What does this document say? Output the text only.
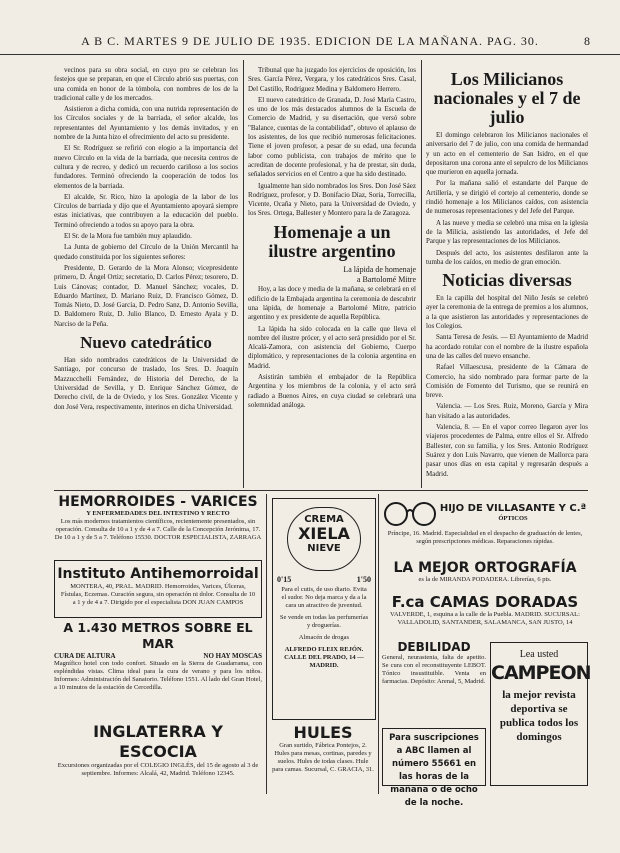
A B C. MARTES 9 DE JULIO DE 1935. EDICION DE LA MAÑANA. PAG. 30.	8

vecinos para su obra social, en cuyo pro se celebran los festejos que se preparan, en que el Círculo abrió sus puertas, con una comida en honor de la tómbola, con nombres de los de la tradicional calle y de los mercados.

Asistieron a dicha comida, con una nutrida representación de los Círculos sociales y de la barriada, el señor alcalde, los representantes del Ayuntamiento y los demás invitados, y en nombre de la Junta hizo el ofrecimiento del acto su presidente.

El Sr. Rodríguez se refirió con elogio a la importancia del nuevo Círculo en la vida de la barriada, que necesita centros de cultura y de recreo, y dedicó un recuerdo cariñoso a los socios fundadores. Terminó ofreciendo la cooperación de todos los elementos de la barriada.

El alcalde, Sr. Rico, hizo la apología de la labor de los Círculos de barriada y dijo que el Ayuntamiento apoyará siempre estas iniciativas, que contribuyen a la educación del pueblo. Terminó ofreciendo a todos su apoyo para la obra.

El Sr. de la Mora fue también muy aplaudido.

La Junta de gobierno del Círculo de la Unión Mercantil ha quedado constituida por los siguientes señores:

Presidente, D. Gerardo de la Mora Alonso; vicepresidente primero, D. Ángel Ortiz; secretario, D. Carlos Pérez; tesorero, D. Luis Cánovas; contador, D. Manuel Sánchez; vocales, D. Eduardo Martínez, D. Mariano Ruiz, D. Francisco Gómez, D. Tomás Nieto, D. José García, D. Pedro Sanz, D. Antonio Sevilla, D. Baldomero Ruiz, D. Julio Blanco, D. Ernesto Ayala y D. Narciso de la Peña.

Nuevo catedrático

Han sido nombrados catedráticos de la Universidad de Santiago, por concurso de traslado, los Sres. D. Joaquín Mazzucchelli Fernández, de Historia del Derecho, de la Universidad de Sevilla, y D. Enrique Sánchez Gómez, de Derecho civil, de la de Oviedo, y los Sres. González Vicente y don José Vera, respectivamente, interinos en dicha Universidad.

Tribunal que ha juzgado los ejercicios de oposición, los Sres. García Pérez, Vergara, y los catedráticos Sres. Casal, Del Castillo, Rodríguez Medina y Baldomero Herrero.

El nuevo catedrático de Granada, D. José María Castro, es uno de los más destacados alumnos de la Escuela de Comercio de Madrid, y su disertación, que versó sobre "Balance, cuentas de la contabilidad", obtuvo el aplauso de los asistentes, de los que recibió numerosas felicitaciones. Tiene el joven profesor, a pesar de su edad, una fecunda labor como publicista, con trabajos de mérito que le acreditan de docente profesional, y ha de prestar, sin duda, señalados servicios en el Centro a que ha sido destinado.

Igualmente han sido nombrados los Sres. Don José Sáez Rodríguez, profesor, y D. Bonifacio Díaz, Soria, Torrecilla, Vicente, Ocaña y Nieto, para la Universidad de Oviedo, y los Sres. Ortega, Ballester y Montero para la de Zaragoza.

Homenaje a un ilustre argentino
La lápida de homenaje
a Bartolomé Mitre

Hoy, a las doce y media de la mañana, se celebrará en el edificio de la Embajada argentina la ceremonia de descubrir una lápida, de homenaje a Bartolomé Mitre, patricio argentino y ex presidente de aquella República.

La lápida ha sido colocada en la calle que lleva el nombre del ilustre prócer, y el acto será presidido por el Sr. Alcalá-Zamora, con asistencia del Gobierno, Cuerpo diplomático, y representaciones de la colonia argentina en Madrid.

Asistirán también el embajador de la República Argentina y los miembros de la colonia, y el acto será radiado a Buenos Aires, en cuya ciudad se celebrará una solemnidad análoga.

Los Milicianos nacionales y el 7 de julio

El domingo celebraron los Milicianos nacionales el aniversario del 7 de julio, con una comida de hermandad y un acto en el cementerio de San Isidro, en el que depositaron una corona ante el sepulcro de los Milicianos que murieron en aquella jornada.

Por la mañana salió el estandarte del Parque de Artillería, y se dirigió el cortejo al cementerio, donde se rindió homenaje a los Milicianos caídos, con asistencia de numerosas representaciones y del Jefe del Parque.

A las nueve y media se celebró una misa en la iglesia de la Milicia, asistiendo las autoridades, el Jefe del Parque y las representaciones de los Milicianos.

Después del acto, los asistentes desfilaron ante la tumba de los caídos, en medio de gran emoción.

Noticias diversas

En la capilla del hospital del Niño Jesús se celebró ayer la ceremonia de la entrega de premios a los alumnos, a la que asistieron las autoridades y representaciones de los Colegios.

Santa Teresa de Jesús. — El Ayuntamiento de Madrid ha acordado rotular con el nombre de la ilustre española una de las calles del nuevo ensanche.

Rafael Villaescusa, presidente de la Cámara de Comercio, ha sido nombrado para formar parte de la Comisión de Fomento del Turismo, que se reunirá en breve.

Valencia. — Los Sres. Ruiz, Moreno, García y Mira han visitado a las autoridades.

Valencia, 8. — En el vapor correo llegaron ayer los viajeros procedentes de Palma, entre ellos el Sr. Alfredo Ballester, con su familia, y los Sres. Antonio Rodríguez Suárez y don Luis Navarro, que vienen de Mallorca para pasar unos días en esta capital y regresarán después a Madrid.

HEMORROIDES - VARICES
Y ENFERMEDADES DEL INTESTINO Y RECTO
Los más modernos tratamientos científicos, recientemente presentados, sin operación. Consulta de 10 a 1 y de 4 a 7. Calle de la Concepción Jerónima, 17. De 10 a 1 y de 5 a 7. Teléfono 15530. DOCTOR ESPECIALISTA, ZARRAGA
Instituto Antihemorroidal
MONTERA, 40, PRAL. MADRID. Hemorroides, Varices, Úlceras, Fístulas, Eczemas. Curación segura, sin operación ni dolor. Consulta de 10 a 1 y de 4 a 7. Dirigido por el especialista DON JUAN CAMPOS
A 1.430 METROS SOBRE EL MAR
CURA DE ALTURA	NO HAY MOSCAS
Magnífico hotel con todo confort. Situado en la Sierra de Guadarrama, con espléndidas vistas. Clima ideal para la cura de verano y para los niños. Informes: Administración del Sanatorio. Teléfono 1551. Al lado del Gran Hotel, a 10 minutos de la estación de Cercedilla.
INGLATERRA Y ESCOCIA
Excursiones organizadas por el COLEGIO INGLÉS, del 15 de agosto al 3 de septiembre. Informes: Alcalá, 42, Madrid. Teléfono 12345.
CREMA
XIELA
NIEVE
0'15	1'50
Para el cutis, de uso diario. Evita el sudor. No deja marca y da a la cara un atractivo de juventud.
Se vende en todas las perfumerías y droguerías.
Almacén de drogas
ALFREDO FLEIX REJÓN. CALLE DEL PRADO, 14 — MADRID.
HULES
Gran surtido, Fábrica Pontejos, 2. Hules para mesas, cortinas, paredes y suelos. Hules de todas clases. Hule para camas. Sucursal, C. GRACIA, 31.
HIJO DE VILLASANTE Y C.ª
ÓPTICOS
Príncipe, 16. Madrid. Especialidad en el despacho de graduación de lentes, según prescripciones médicas. Reparaciones rápidas.
LA MEJOR ORTOGRAFÍA
es la de MIRANDA PODADERA. Librerías, 6 pts.
F.ca CAMAS DORADAS
VALVERDE, 1, esquina a la calle de la Puebla. MADRID. SUCURSAL: VALLADOLID, SANTANDER, SALAMANCA, SAN JUSTO, 14
DEBILIDAD
General, neurastenia, falta de apetito. Se cura con el reconstituyente LEBOT. Tónico insustituible. Venta en farmacias. Depósito: Arenal, 5, Madrid.
Para suscripciones a ABC llamen al número 55661 en las horas de la mañana o de ocho de la noche.
Lea usted
CAMPEON
la mejor revista deportiva se publica todos los domingos
